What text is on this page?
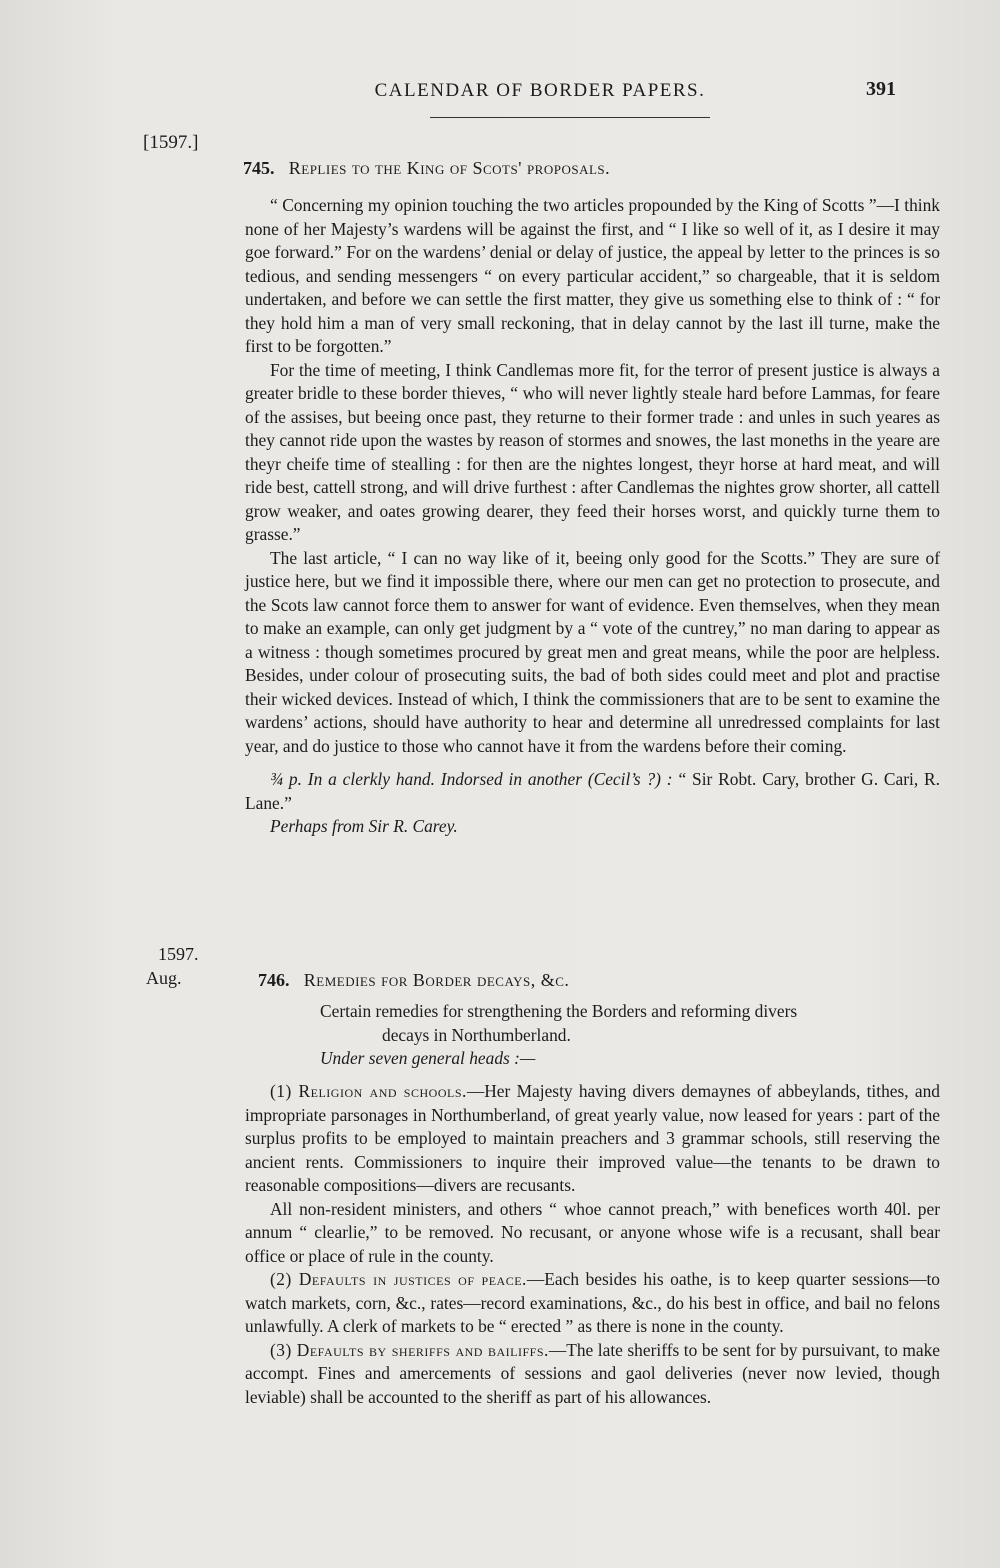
CALENDAR OF BORDER PAPERS.	391
[1597.]
745. Replies to the King of Scots' proposals.

“ Concerning my opinion touching the two articles propounded by the King of Scotts ”—I think none of her Majesty’s wardens will be against the first, and “ I like so well of it, as I desire it may goe forward.” For on the wardens’ denial or delay of justice, the appeal by letter to the princes is so tedious, and sending messengers “ on every particular accident,” so chargeable, that it is seldom undertaken, and before we can settle the first matter, they give us something else to think of : “ for they hold him a man of very small reckoning, that in delay cannot by the last ill turne, make the first to be forgotten.”

For the time of meeting, I think Candlemas more fit, for the terror of present justice is always a greater bridle to these border thieves, “ who will never lightly steale hard before Lammas, for feare of the assises, but beeing once past, they returne to their former trade : and unles in such yeares as they cannot ride upon the wastes by reason of stormes and snowes, the last moneths in the yeare are theyr cheife time of stealling : for then are the nightes longest, theyr horse at hard meat, and will ride best, cattell strong, and will drive furthest : after Candlemas the nightes grow shorter, all cattell grow weaker, and oates growing dearer, they feed their horses worst, and quickly turne them to grasse.”

The last article, “ I can no way like of it, beeing only good for the Scotts.” They are sure of justice here, but we find it impossible there, where our men can get no protection to prosecute, and the Scots law cannot force them to answer for want of evidence. Even themselves, when they mean to make an example, can only get judgment by a “ vote of the cuntrey,” no man daring to appear as a witness : though sometimes procured by great men and great means, while the poor are helpless. Besides, under colour of prosecuting suits, the bad of both sides could meet and plot and practise their wicked devices. Instead of which, I think the commissioners that are to be sent to examine the wardens’ actions, should have authority to hear and determine all unredressed complaints for last year, and do justice to those who cannot have it from the wardens before their coming.

¾ p. In a clerkly hand. Indorsed in another (Cecil’s ?) : “ Sir Robt. Cary, brother G. Cari, R. Lane.”

Perhaps from Sir R. Carey.

1597.
Aug.	746. Remedies for Border decays, &c.
Certain remedies for strengthening the Borders and reforming divers
decays in Northumberland.
Under seven general heads :—

(1) Religion and schools.—Her Majesty having divers demaynes of abbeylands, tithes, and impropriate parsonages in Northumberland, of great yearly value, now leased for years : part of the surplus profits to be employed to maintain preachers and 3 grammar schools, still reserving the ancient rents. Commissioners to inquire their improved value—the tenants to be drawn to reasonable compositions—divers are recusants.

All non-resident ministers, and others “ whoe cannot preach,” with benefices worth 40l. per annum “ clearlie,” to be removed. No recusant, or anyone whose wife is a recusant, shall bear office or place of rule in the county.

(2) Defaults in justices of peace.—Each besides his oathe, is to keep quarter sessions—to watch markets, corn, &c., rates—record examinations, &c., do his best in office, and bail no felons unlawfully. A clerk of markets to be “ erected ” as there is none in the county.

(3) Defaults by sheriffs and bailiffs.—The late sheriffs to be sent for by pursuivant, to make accompt. Fines and amercements of sessions and gaol deliveries (never now levied, though leviable) shall be accounted to the sheriff as part of his allowances.
